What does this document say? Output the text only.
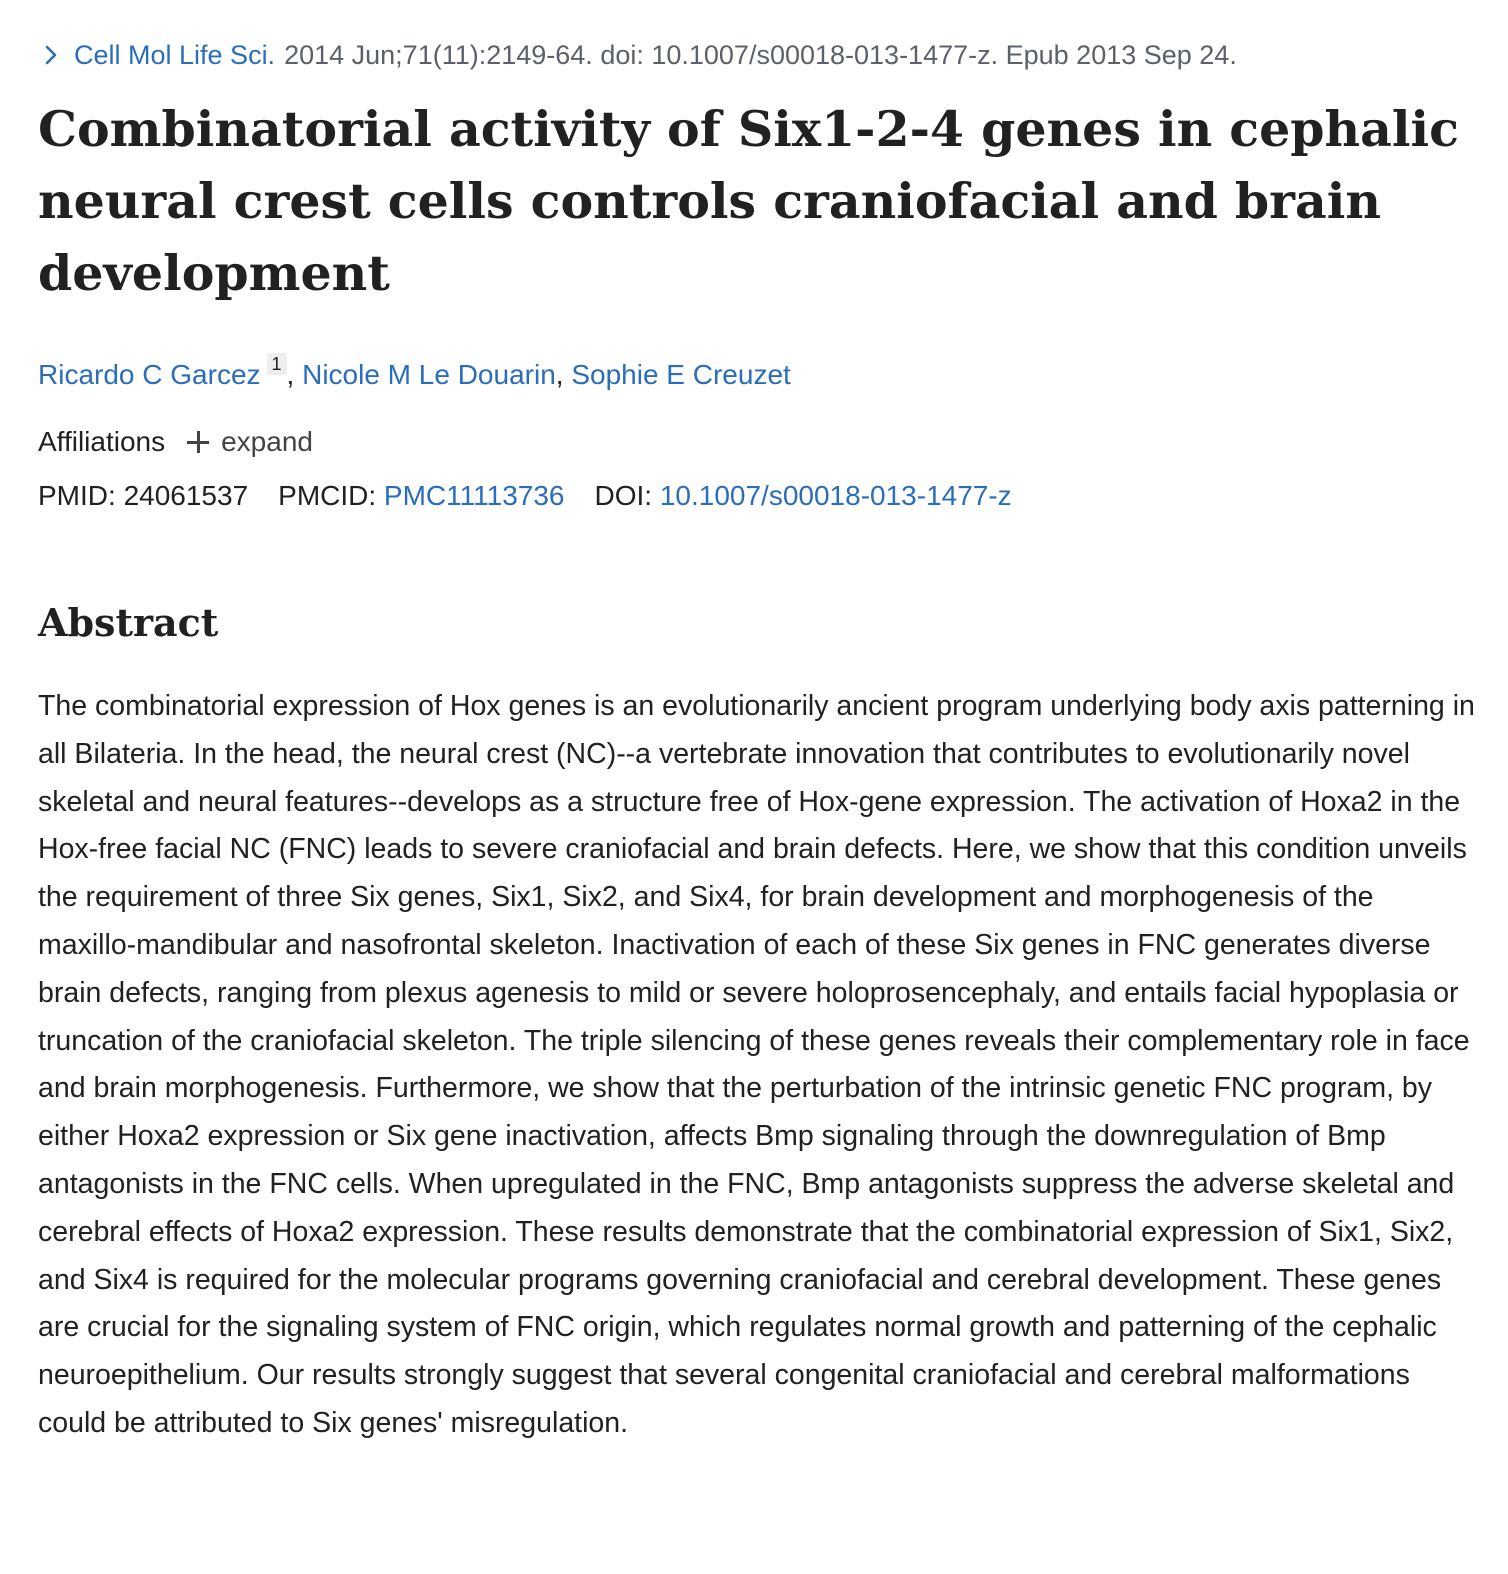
Cell Mol Life Sci. 2014 Jun;71(11):2149-64. doi: 10.1007/s00018-013-1477-z. Epub 2013 Sep 24.
Combinatorial activity of Six1-2-4 genes in cephalic neural crest cells controls craniofacial and brain development
Ricardo C Garcez 1 , Nicole M Le Douarin, Sophie E Creuzet
Affiliations expand
PMID: 24061537 PMCID: PMC11113736 DOI: 10.1007/s00018-013-1477-z
Abstract

The combinatorial expression of Hox genes is an evolutionarily ancient program underlying body axis patterning in all Bilateria. In the head, the neural crest (NC)--a vertebrate innovation that contributes to evolutionarily novel skeletal and neural features--develops as a structure free of Hox-gene expression. The activation of Hoxa2 in the Hox-free facial NC (FNC) leads to severe craniofacial and brain defects. Here, we show that this condition unveils the requirement of three Six genes, Six1, Six2, and Six4, for brain development and morphogenesis of the maxillo-mandibular and nasofrontal skeleton. Inactivation of each of these Six genes in FNC generates diverse brain defects, ranging from plexus agenesis to mild or severe holoprosencephaly, and entails facial hypoplasia or truncation of the craniofacial skeleton. The triple silencing of these genes reveals their complementary role in face and brain morphogenesis. Furthermore, we show that the perturbation of the intrinsic genetic FNC program, by either Hoxa2 expression or Six gene inactivation, affects Bmp signaling through the downregulation of Bmp antagonists in the FNC cells. When upregulated in the FNC, Bmp antagonists suppress the adverse skeletal and cerebral effects of Hoxa2 expression. These results demonstrate that the combinatorial expression of Six1, Six2, and Six4 is required for the molecular programs governing craniofacial and cerebral development. These genes are crucial for the signaling system of FNC origin, which regulates normal growth and patterning of the cephalic neuroepithelium. Our results strongly suggest that several congenital craniofacial and cerebral malformations could be attributed to Six genes' misregulation.
